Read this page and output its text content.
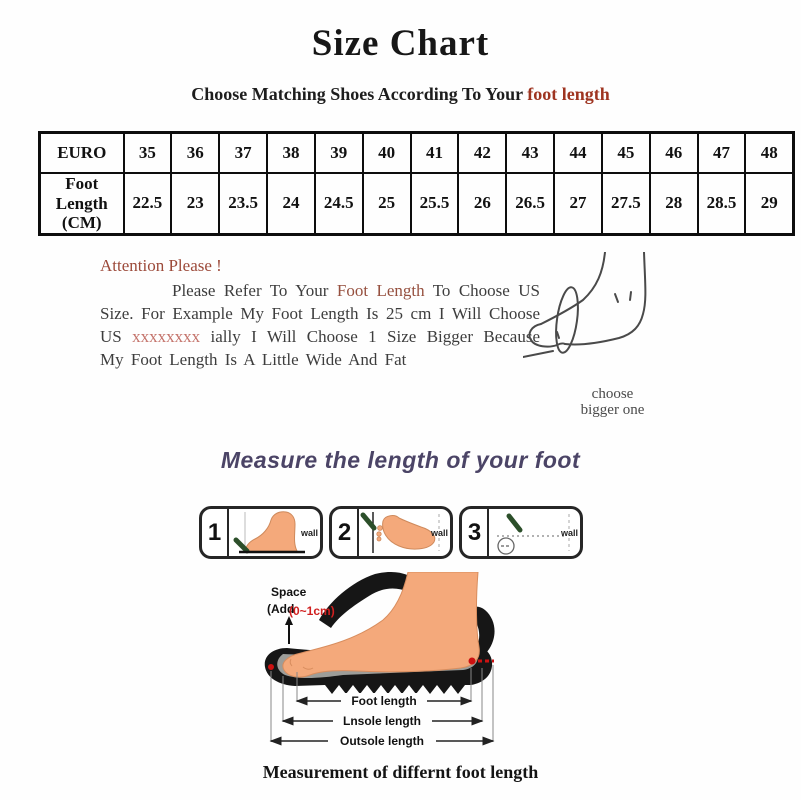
Size Chart
Choose Matching Shoes According To Your foot length
EURO	35	36	37	38	39	40	41	42	43	44	45	46	47	48

Foot
Length
(CM)	22.5	23	23.5	24	24.5	25	25.5	26	26.5	27	27.5	28	28.5	29

Attention Please !

Please Refer To Your Foot Length To Choose US Size. For Example My Foot Length Is 25 cm I Will Choose US xxxxxxxx ially I Will Choose 1 Size Bigger Because My Foot Length Is A Little Wide And Fat

choose
bigger one
Measure the length of your foot
1	wall 2	wall 3	wall
Space
(Add
(0~1cm)
Foot length
Lnsole length
Outsole length
Measurement of differnt foot length
